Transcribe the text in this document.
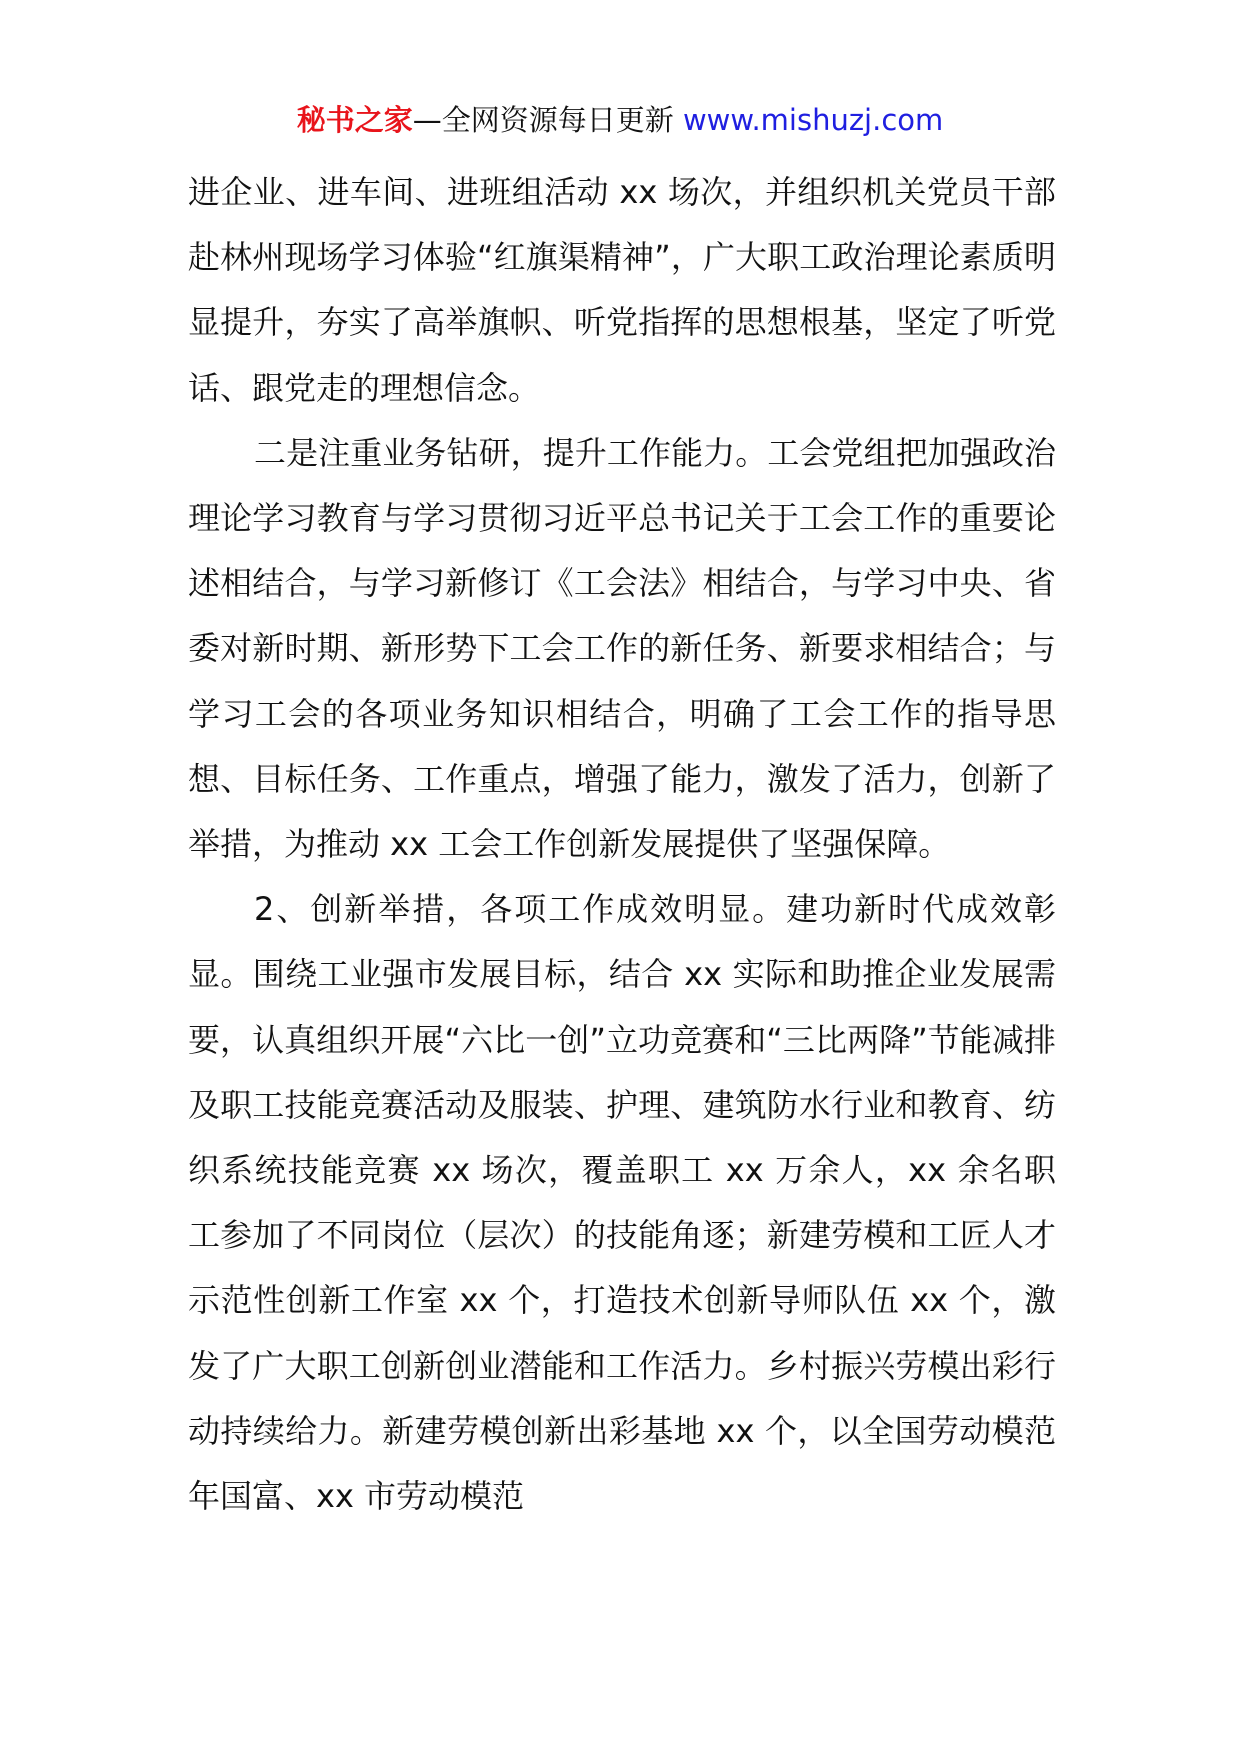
秘书之家—全网资源每日更新 www.mishuzj.com

进企业、进车间、进班组活动 xx 场次，并组织机关党员干部赴林州现场学习体验“红旗渠精神”，广大职工政治理论素质明显提升，夯实了高举旗帜、听党指挥的思想根基，坚定了听党话、跟党走的理想信念。

二是注重业务钻研，提升工作能力。工会党组把加强政治理论学习教育与学习贯彻习近平总书记关于工会工作的重要论述相结合，与学习新修订《工会法》相结合，与学习中央、省委对新时期、新形势下工会工作的新任务、新要求相结合；与学习工会的各项业务知识相结合，明确了工会工作的指导思想、目标任务、工作重点，增强了能力，激发了活力，创新了举措，为推动 xx 工会工作创新发展提供了坚强保障。

2、创新举措，各项工作成效明显。建功新时代成效彰显。围绕工业强市发展目标，结合 xx 实际和助推企业发展需要，认真组织开展“六比一创”立功竞赛和“三比两降”节能减排及职工技能竞赛活动及服装、护理、建筑防水行业和教育、纺织系统技能竞赛 xx 场次，覆盖职工 xx 万余人，xx 余名职工参加了不同岗位（层次）的技能角逐；新建劳模和工匠人才示范性创新工作室 xx 个，打造技术创新导师队伍 xx 个，激发了广大职工创新创业潜能和工作活力。乡村振兴劳模出彩行动持续给力。新建劳模创新出彩基地 xx 个，以全国劳动模范年国富、xx 市劳动模范
